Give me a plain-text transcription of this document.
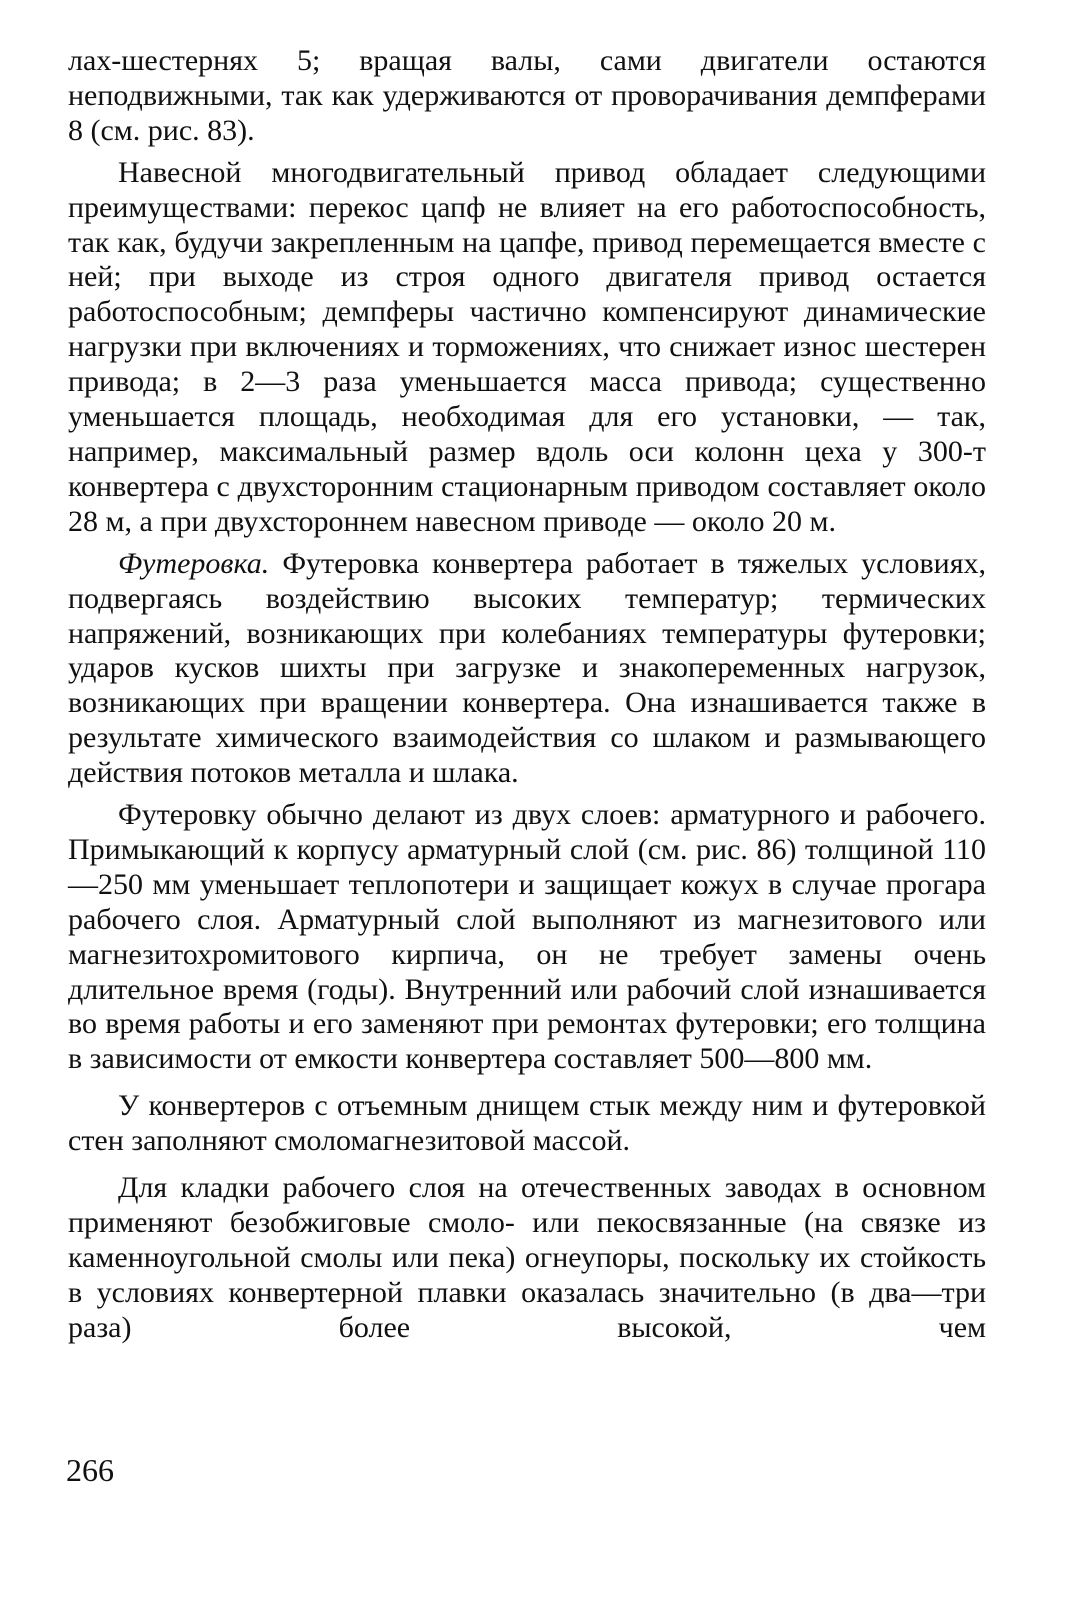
лах-шестернях 5; вращая валы, сами двигатели остаются неподвижными, так как удерживаются от проворачивания демпферами 8 (см. рис. 83).

Навесной многодвигательный привод обладает следующими преимуществами: перекос цапф не влияет на его работоспособность, так как, будучи закрепленным на цапфе, привод перемещается вместе с ней; при выходе из строя одного двигателя привод остается работоспособным; демпферы частично компенсируют динамические нагрузки при включениях и торможениях, что снижает износ шестерен привода; в 2—3 раза уменьшается масса привода; существенно уменьшается площадь, необходимая для его установки, — так, например, максимальный размер вдоль оси колонн цеха у 300-т конвертера с двухсторонним стационарным приводом составляет около 28 м, а при двухстороннем навесном приводе — около 20 м.

Футеровка. Футеровка конвертера работает в тяжелых условиях, подвергаясь воздействию высоких температур; термических напряжений, возникающих при колебаниях температуры футеровки; ударов кусков шихты при загрузке и знакопеременных нагрузок, возникающих при вращении конвертера. Она изнашивается также в результате химического взаимодействия со шлаком и размывающего действия потоков металла и шлака.

Футеровку обычно делают из двух слоев: арматурного и рабочего. Примыкающий к корпусу арматурный слой (см. рис. 86) толщиной 110—250 мм уменьшает теплопотери и защищает кожух в случае прогара рабочего слоя. Арматурный слой выполняют из магнезитового или магнезитохромитового кирпича, он не требует замены очень длительное время (годы). Внутренний или рабочий слой изнашивается во время работы и его заменяют при ремонтах футеровки; его толщина в зависимости от емкости конвертера составляет 500—800 мм.

У конвертеров с отъемным днищем стык между ним и футеровкой стен заполняют смоломагнезитовой массой.

Для кладки рабочего слоя на отечественных заводах в основном применяют безобжиговые смоло- или пекосвязанные (на связке из каменноугольной смолы или пека) огнеупоры, поскольку их стойкость в условиях конвертерной плавки оказалась значительно (в два—три раза) более высокой, чем

266
